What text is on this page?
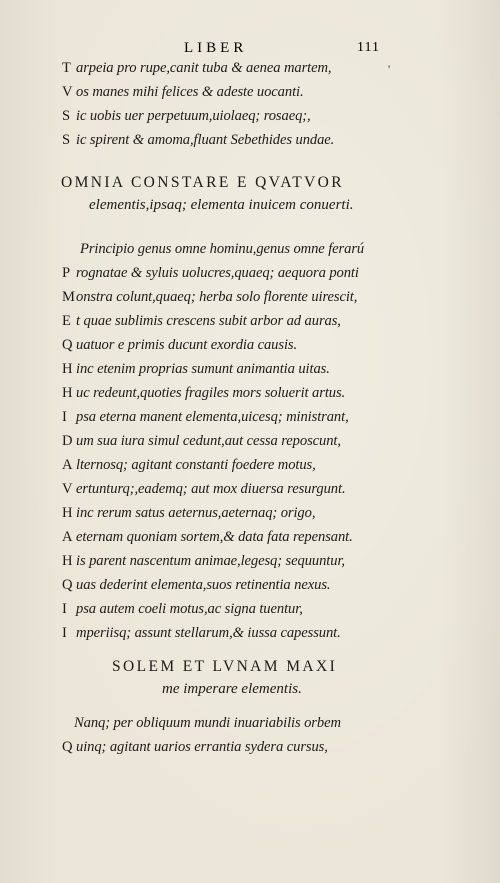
LIBER	111
'
T arpeia pro rupe,canit tuba & aenea martem,
V os manes mihi felices & adeste uocanti.
S ic uobis uer perpetuum,uiolaeq; rosaeq;,
S ic spirent & amoma,fluant Sebethides undae.
OMNIA CONSTARE E QVATVOR
elementis,ipsaq; elementa inuicem conuerti.
Principio genus omne hominu,genus omne ferarú
P rognatae & syluis uolucres,quaeq; aequora ponti
Monstra colunt,quaeq; herba solo florente uirescit,
E t quae sublimis crescens subit arbor ad auras,
Q uatuor e primis ducunt exordia causis.
H inc etenim proprias sumunt animantia uitas.
H uc redeunt,quoties fragiles mors soluerit artus.
I psa eterna manent elementa,uicesq; ministrant,
D um sua iura simul cedunt,aut cessa reposcunt,
A lternosq; agitant constanti foedere motus,
V ertunturq;,eademq; aut mox diuersa resurgunt.
H inc rerum satus aeternus,aeternaq; origo,
A eternam quoniam sortem,& data fata repensant.
H is parent nascentum animae,legesq; sequuntur,
Q uas dederint elementa,suos retinentia nexus.
I psa autem coeli motus,ac signa tuentur,
I mperiisq; assunt stellarum,& iussa capessunt.
SOLEM ET LVNAM MAXI
me imperare elementis.
Nanq; per obliquum mundi inuariabilis orbem
Q uinq; agitant uarios errantia sydera cursus,
